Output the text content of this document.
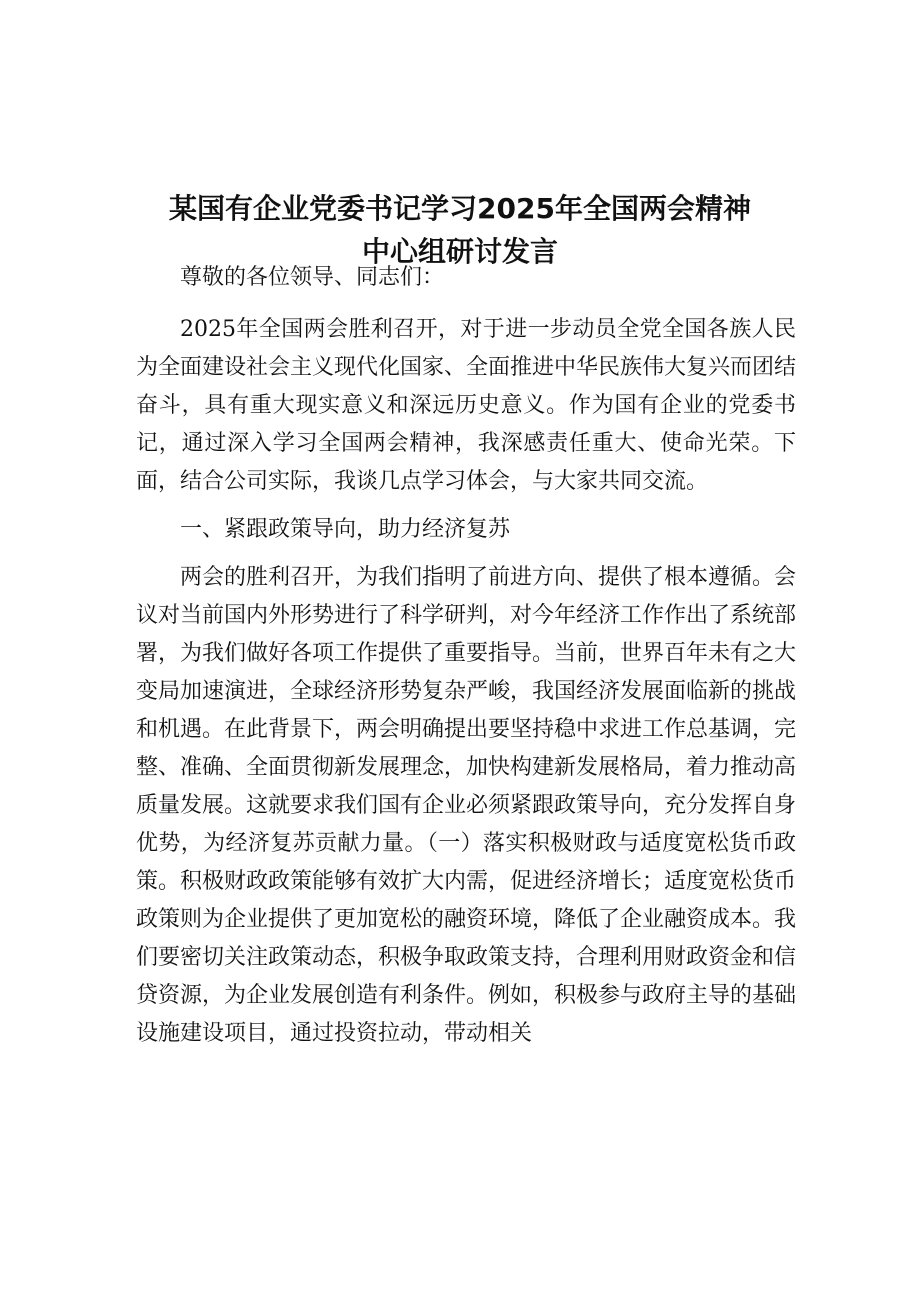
某国有企业党委书记学习2025年全国两会精神
中心组研讨发言

尊敬的各位领导、同志们：

2025年全国两会胜利召开，对于进一步动员全党全国各族人民为全面建设社会主义现代化国家、全面推进中华民族伟大复兴而团结奋斗，具有重大现实意义和深远历史意义。作为国有企业的党委书记，通过深入学习全国两会精神，我深感责任重大、使命光荣。下面，结合公司实际，我谈几点学习体会，与大家共同交流。

一、紧跟政策导向，助力经济复苏

两会的胜利召开，为我们指明了前进方向、提供了根本遵循。会议对当前国内外形势进行了科学研判，对今年经济工作作出了系统部署，为我们做好各项工作提供了重要指导。当前，世界百年未有之大变局加速演进，全球经济形势复杂严峻，我国经济发展面临新的挑战和机遇。在此背景下，两会明确提出要坚持稳中求进工作总基调，完整、准确、全面贯彻新发展理念，加快构建新发展格局，着力推动高质量发展。这就要求我们国有企业必须紧跟政策导向，充分发挥自身优势，为经济复苏贡献力量。（一）落实积极财政与适度宽松货币政策。积极财政政策能够有效扩大内需，促进经济增长；适度宽松货币政策则为企业提供了更加宽松的融资环境，降低了企业融资成本。我们要密切关注政策动态，积极争取政策支持，合理利用财政资金和信贷资源，为企业发展创造有利条件。例如，积极参与政府主导的基础设施建设项目，通过投资拉动，带动相关
